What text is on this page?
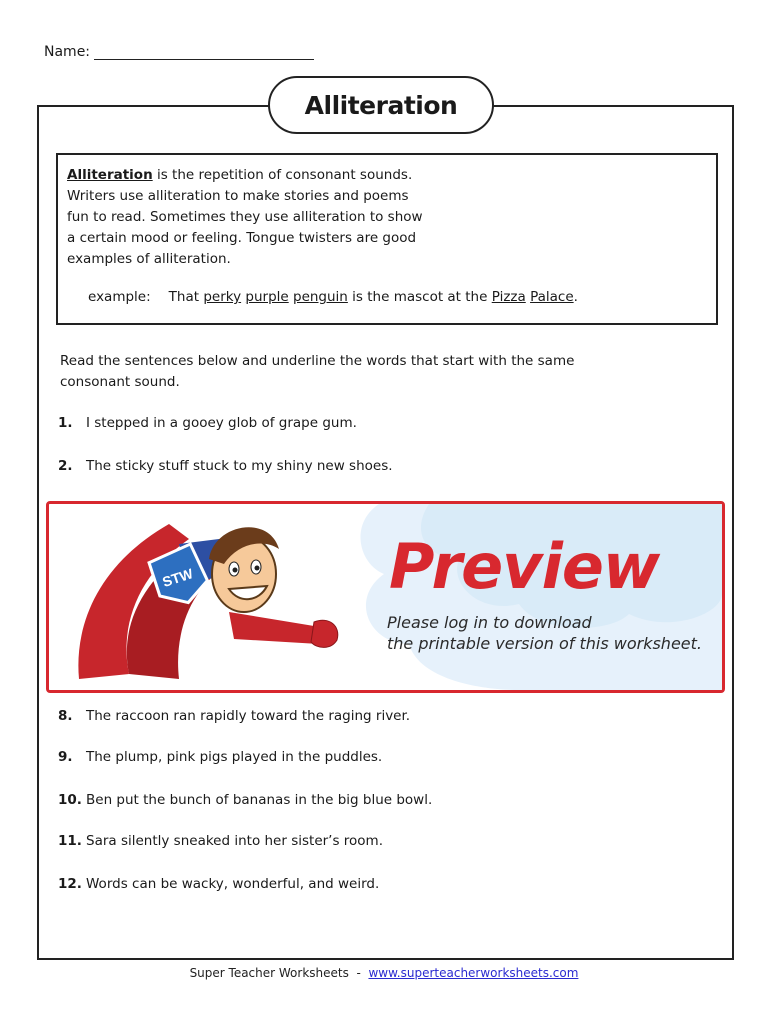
Name:
Alliteration
Alliteration is the repetition of consonant sounds.
Writers use alliteration to make stories and poems
fun to read. Sometimes they use alliteration to show
a certain mood or feeling. Tongue twisters are good
examples of alliteration.
example: That perky purple penguin is the mascot at the Pizza Palace.
Read the sentences below and underline the words that start with the same consonant sound.
1. I stepped in a gooey glob of grape gum.
2. The sticky stuff stuck to my shiny new shoes.
STW	Preview
Please log in to download
the printable version of this worksheet.
8. The raccoon ran rapidly toward the raging river.
9. The plump, pink pigs played in the puddles.
10. Ben put the bunch of bananas in the big blue bowl.
11. Sara silently sneaked into her sister’s room.
12. Words can be wacky, wonderful, and weird.
Super Teacher Worksheets  -  www.superteacherworksheets.com
